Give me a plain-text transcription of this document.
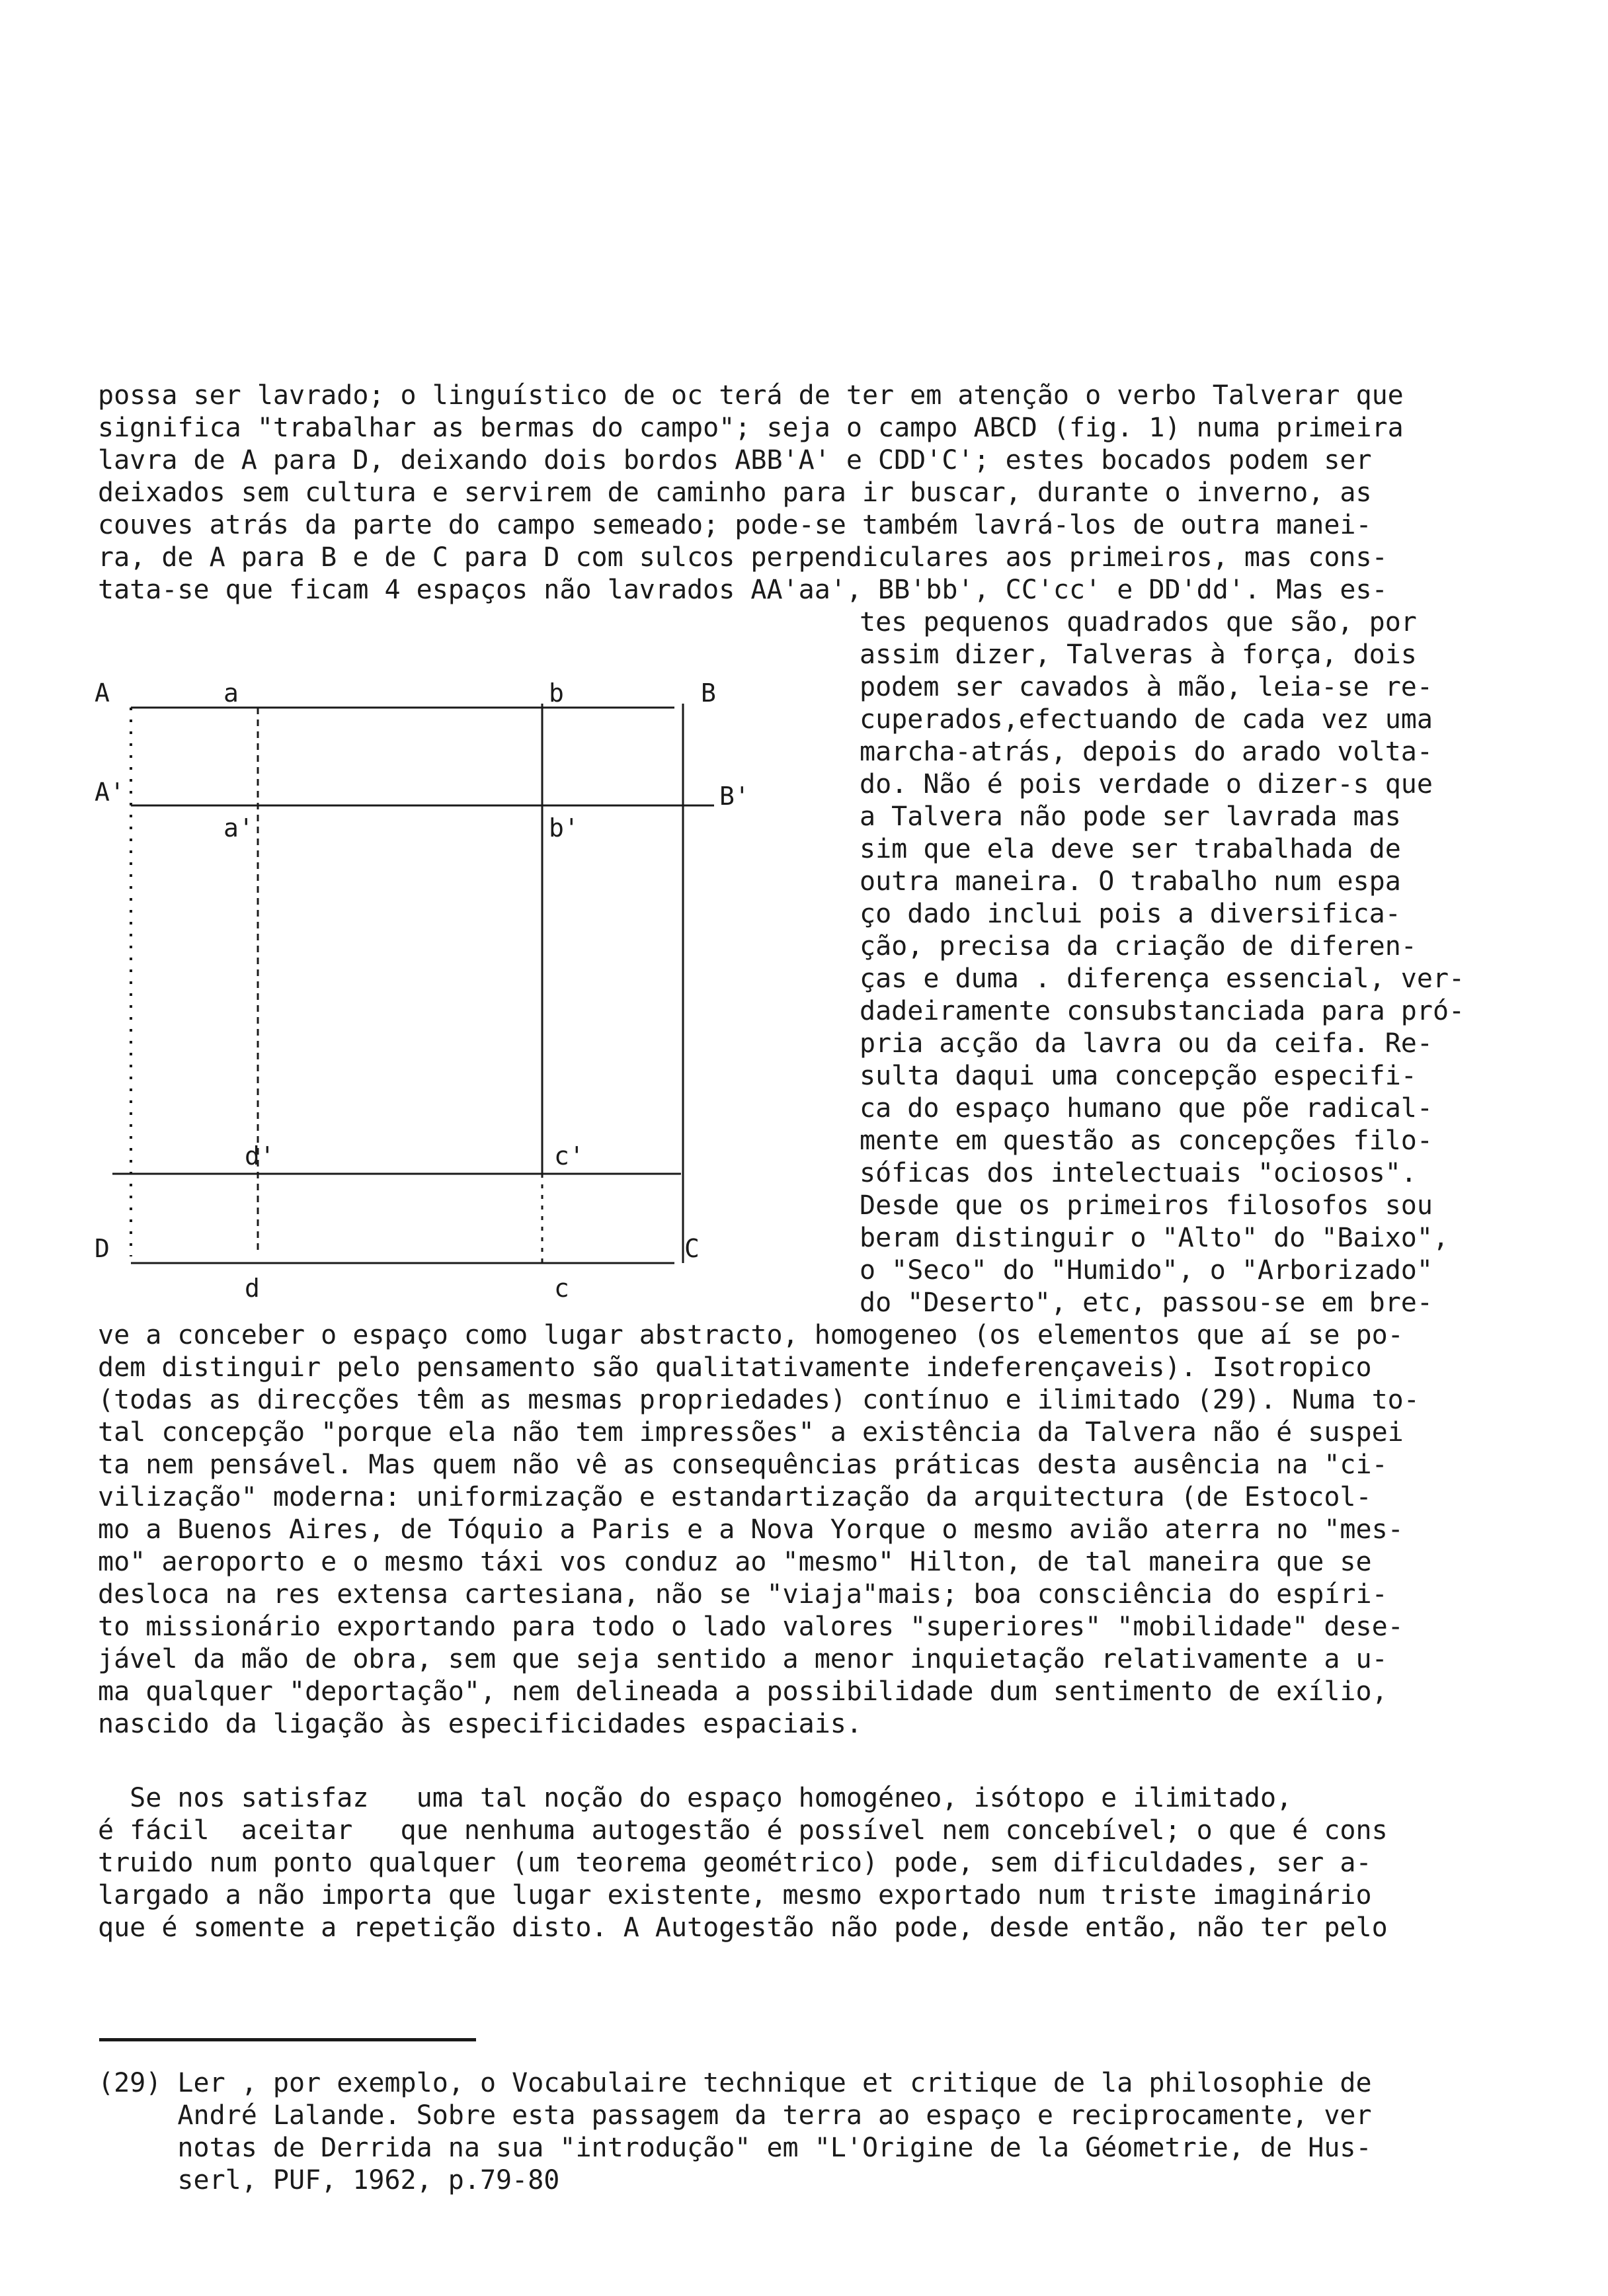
possa ser lavrado; o linguístico de oc terá de ter em atenção o verbo Talverar que
significa "trabalhar as bermas do campo"; seja o campo ABCD (fig. 1) numa primeira
lavra de A para D, deixando dois bordos ABB'A' e CDD'C'; estes bocados podem ser
deixados sem cultura e servirem de caminho para ir buscar, durante o inverno, as
couves atrás da parte do campo semeado; pode-se também lavrá-los de outra manei-
ra, de A para B e de C para D com sulcos perpendiculares aos primeiros, mas cons-
tata-se que ficam 4 espaços não lavrados AA'aa', BB'bb', CC'cc' e DD'dd'. Mas es-
A	a	b	B
A'	B'
a'	b'
d'	c'
D	C
d	c
tes pequenos quadrados que são, por
assim dizer, Talveras à força, dois
podem ser cavados à mão, leia-se re-
cuperados,efectuando de cada vez uma
marcha-atrás, depois do arado volta-
do. Não é pois verdade o dizer-s que
a Talvera não pode ser lavrada mas
sim que ela deve ser trabalhada de
outra maneira. O trabalho num espa
ço dado inclui pois a diversifica-
ção, precisa da criação de diferen-
ças e duma . diferença essencial, ver-
dadeiramente consubstanciada para pró-
pria acção da lavra ou da ceifa. Re-
sulta daqui uma concepção especifi-
ca do espaço humano que põe radical-
mente em questão as concepções filo-
sóficas dos intelectuais "ociosos".
Desde que os primeiros filosofos sou
beram distinguir o "Alto" do "Baixo",
o "Seco" do "Humido", o "Arborizado"
do "Deserto", etc, passou-se em bre-
ve a conceber o espaço como lugar abstracto, homogeneo (os elementos que aí se po-
dem distinguir pelo pensamento são qualitativamente indeferençaveis). Isotropico
(todas as direcções têm as mesmas propriedades) contínuo e ilimitado (29). Numa to-
tal concepção "porque ela não tem impressões" a existência da Talvera não é suspei
ta nem pensável. Mas quem não vê as consequências práticas desta ausência na "ci-
vilização" moderna: uniformização e estandartização da arquitectura (de Estocol-
mo a Buenos Aires, de Tóquio a Paris e a Nova Yorque o mesmo avião aterra no "mes-
mo" aeroporto e o mesmo táxi vos conduz ao "mesmo" Hilton, de tal maneira que se
desloca na res extensa cartesiana, não se "viaja"mais; boa consciência do espíri-
to missionário exportando para todo o lado valores "superiores" "mobilidade" dese-
jável da mão de obra, sem que seja sentido a menor inquietação relativamente a u-
ma qualquer "deportação", nem delineada a possibilidade dum sentimento de exílio,
nascido da ligação às especificidades espaciais.
Se nos satisfaz   uma tal noção do espaço homogéneo, isótopo e ilimitado,
é fácil  aceitar   que nenhuma autogestão é possível nem concebível; o que é cons
truido num ponto qualquer (um teorema geométrico) pode, sem dificuldades, ser a-
largado a não importa que lugar existente, mesmo exportado num triste imaginário
que é somente a repetição disto. A Autogestão não pode, desde então, não ter pelo
(29) Ler , por exemplo, o Vocabulaire technique et critique de la philosophie de
André Lalande. Sobre esta passagem da terra ao espaço e reciprocamente, ver
notas de Derrida na sua "introdução" em "L'Origine de la Géometrie, de Hus-
serl, PUF, 1962, p.79-80
